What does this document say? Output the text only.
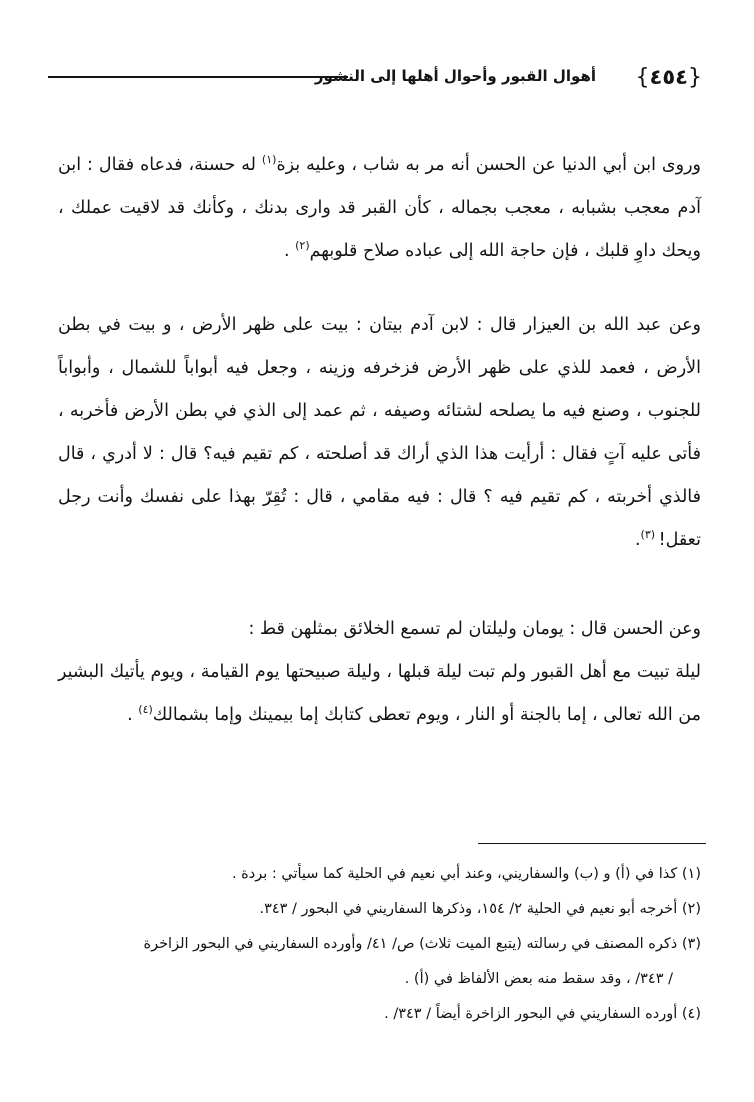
{٤٥٤}
أهوال القبور وأحوال أهلها إلى النشور

وروى ابن أبي الدنيا عن الحسن أنه مر به شاب ، وعليه بزة$^{(١)}$ له حسنة، فدعاه فقال : ابن آدم معجب بشبابه ، معجب بجماله ، كأن القبر قد وارى بدنك ، وكأنك قد لاقيت عملك ، ويحك داوِ قلبك ، فإن حاجة الله إلى عباده صلاح قلوبهم$^{(٢)}$ .

وعن عبد الله بن العيزار قال : لابن آدم بيتان : بيت على ظهر الأرض ، و بيت في بطن الأرض ، فعمد للذي على ظهر الأرض فزخرفه وزينه ، وجعل فيه أبواباً للشمال ، وأبواباً للجنوب ، وصنع فيه ما يصلحه لشتائه وصيفه ، ثم عمد إلى الذي في بطن الأرض فأخربه ، فأتى عليه آتٍ فقال : أرأيت هذا الذي أراك قد أصلحته ، كم تقيم فيه؟ قال : لا أدري ، قال فالذي أخربته ، كم تقيم فيه ؟ قال : فيه مقامي ، قال : تُقِرّ بهذا على نفسك وأنت رجل تعقل! $^{(٣)}$.

وعن الحسن قال : يومان وليلتان لم تسمع الخلائق بمثلهن قط :
ليلة تبيت مع أهل القبور ولم تبت ليلة قبلها ، وليلة صبيحتها يوم القيامة ، ويوم يأتيك البشير من الله تعالى ، إما بالجنة أو النار ، ويوم تعطى كتابك إما بيمينك وإما بشمالك$^{(٤)}$ .

(١) كذا في (أ) و (ب) والسفاريني، وعند أبي نعيم في الحلية كما سيأتي : بردة .
(٢) أخرجه أبو نعيم في الحلية ٢/ ١٥٤، وذكرها السفاريني في البحور / ٣٤٣.
(٣) ذكره المصنف في رسالته (يتبع الميت ثلاث) ص/ ٤١/ وأورده السفاريني في البحور الزاخرة
/ ٣٤٣/ ، وقد سقط منه بعض الألفاظ في (أ) .
(٤) أورده السفاريني في البحور الزاخرة أيضاً / ٣٤٣/ .
